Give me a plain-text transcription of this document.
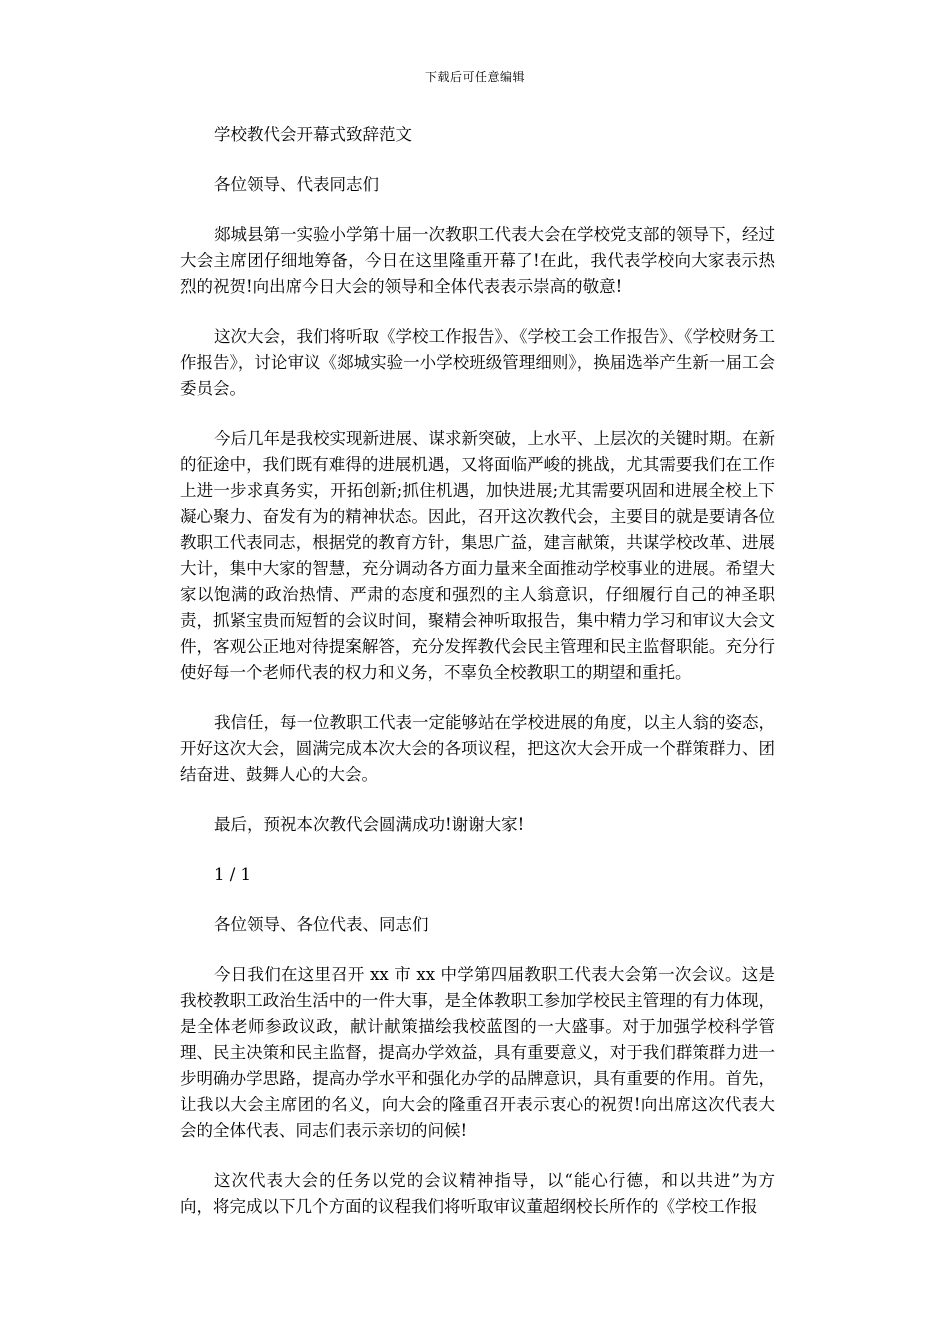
下载后可任意编辑

学校教代会开幕式致辞范文

各位领导、代表同志们

郯城县第一实验小学第十届一次教职工代表大会在学校党支部的领导下，经过大会主席团仔细地筹备，今日在这里隆重开幕了!在此，我代表学校向大家表示热烈的祝贺!向出席今日大会的领导和全体代表表示崇高的敬意!

这次大会，我们将听取《学校工作报告》、《学校工会工作报告》、《学校财务工作报告》，讨论审议《郯城实验一小学校班级管理细则》，换届选举产生新一届工会委员会。

今后几年是我校实现新进展、谋求新突破，上水平、上层次的关键时期。在新的征途中，我们既有难得的进展机遇，又将面临严峻的挑战，尤其需要我们在工作上进一步求真务实，开拓创新;抓住机遇，加快进展;尤其需要巩固和进展全校上下凝心聚力、奋发有为的精神状态。因此，召开这次教代会，主要目的就是要请各位教职工代表同志，根据党的教育方针，集思广益，建言献策，共谋学校改革、进展大计，集中大家的智慧，充分调动各方面力量来全面推动学校事业的进展。希望大家以饱满的政治热情、严肃的态度和强烈的主人翁意识，仔细履行自己的神圣职责，抓紧宝贵而短暂的会议时间，聚精会神听取报告，集中精力学习和审议大会文件，客观公正地对待提案解答，充分发挥教代会民主管理和民主监督职能。充分行使好每一个老师代表的权力和义务，不辜负全校教职工的期望和重托。

我信任，每一位教职工代表一定能够站在学校进展的角度，以主人翁的姿态，开好这次大会，圆满完成本次大会的各项议程，把这次大会开成一个群策群力、团结奋进、鼓舞人心的大会。

最后，预祝本次教代会圆满成功!谢谢大家!

1 / 1

各位领导、各位代表、同志们

今日我们在这里召开 xx 市 xx 中学第四届教职工代表大会第一次会议。这是我校教职工政治生活中的一件大事，是全体教职工参加学校民主管理的有力体现，是全体老师参政议政，献计献策描绘我校蓝图的一大盛事。对于加强学校科学管理、民主决策和民主监督，提高办学效益，具有重要意义，对于我们群策群力进一步明确办学思路，提高办学水平和强化办学的品牌意识，具有重要的作用。首先，让我以大会主席团的名义，向大会的隆重召开表示衷心的祝贺!向出席这次代表大会的全体代表、同志们表示亲切的问候!

这次代表大会的任务以党的会议精神指导，以“能心行德，和以共进”为方向，将完成以下几个方面的议程我们将听取审议董超纲校长所作的《学校工作报
